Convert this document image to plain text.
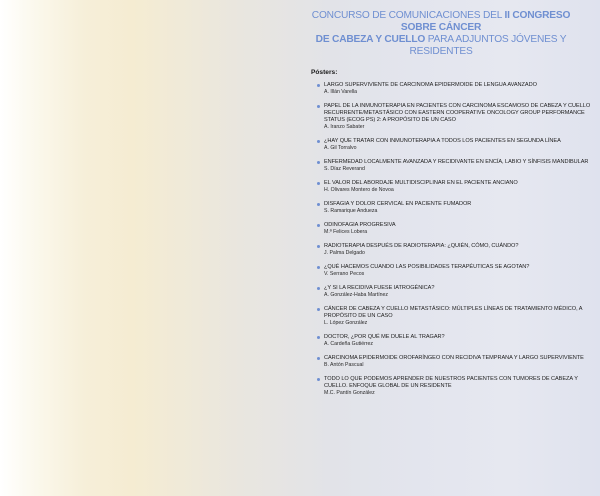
CONCURSO DE COMUNICACIONES DEL II CONGRESO SOBRE CÁNCER
DE CABEZA Y CUELLO PARA ADJUNTOS JÓVENES Y RESIDENTES
Pósters:
LARGO SUPERVIVIENTE DE CARCINOMA EPIDERMOIDE DE LENGUA AVANZADO
A. Illán Varella
PAPEL DE LA INMUNOTERAPIA EN PACIENTES CON CARCINOMA ESCAMOSO DE CABEZA Y CUELLO RECURRENTE/METASTÁSICO CON EASTERN COOPERATIVE ONCOLOGY GROUP PERFORMANCE STATUS (ECOG PS) 2: A PROPÓSITO DE UN CASO
A. Iranzo Sabater
¿HAY QUE TRATAR CON INMUNOTERAPIA A TODOS LOS PACIENTES EN SEGUNDA LÍNEA
A. Gil Torralvo
ENFERMEDAD LOCALMENTE AVANZADA Y RECIDIVANTE EN ENCÍA, LABIO Y SÍNFISIS MANDIBULAR
S. Díaz Reverand
EL VALOR DEL ABORDAJE MULTIDISCIPLINAR EN EL PACIENTE ANCIANO
H. Olivares Montero de Novoa
DISFAGIA Y DOLOR CERVICAL EN PACIENTE FUMADOR
S. Ramarique Andueza
ODINOFAGIA PROGRESIVA
M.ª Felices Lobera
RADIOTERAPIA DESPUÉS DE RADIOTERAPIA: ¿QUIÉN, CÓMO, CUÁNDO?
J. Palma Delgado
¿QUÉ HACEMOS CUANDO LAS POSIBILIDADES TERAPÉUTICAS SE AGOTAN?
V. Serrano Pecos
¿Y SI LA RECIDIVA FUESE IATROGÉNICA?
A. González-Haba Martínez
CÁNCER DE CABEZA Y CUELLO METASTÁSICO: MÚLTIPLES LÍNEAS DE TRATAMIENTO MÉDICO, A PROPÓSITO DE UN CASO
L. López González
DOCTOR, ¿POR QUÉ ME DUELE AL TRAGAR?
A. Cardeña Gutiérrez
CARCINOMA EPIDERMOIDE OROFARÍNGEO CON RECIDIVA TEMPRANA Y LARGO SUPERVIVIENTE
B. Antón Pascual
TODO LO QUE PODEMOS APRENDER DE NUESTROS PACIENTES CON TUMORES DE CABEZA Y CUELLO. ENFOQUE GLOBAL DE UN RESIDENTE
M.C. Pantín González
